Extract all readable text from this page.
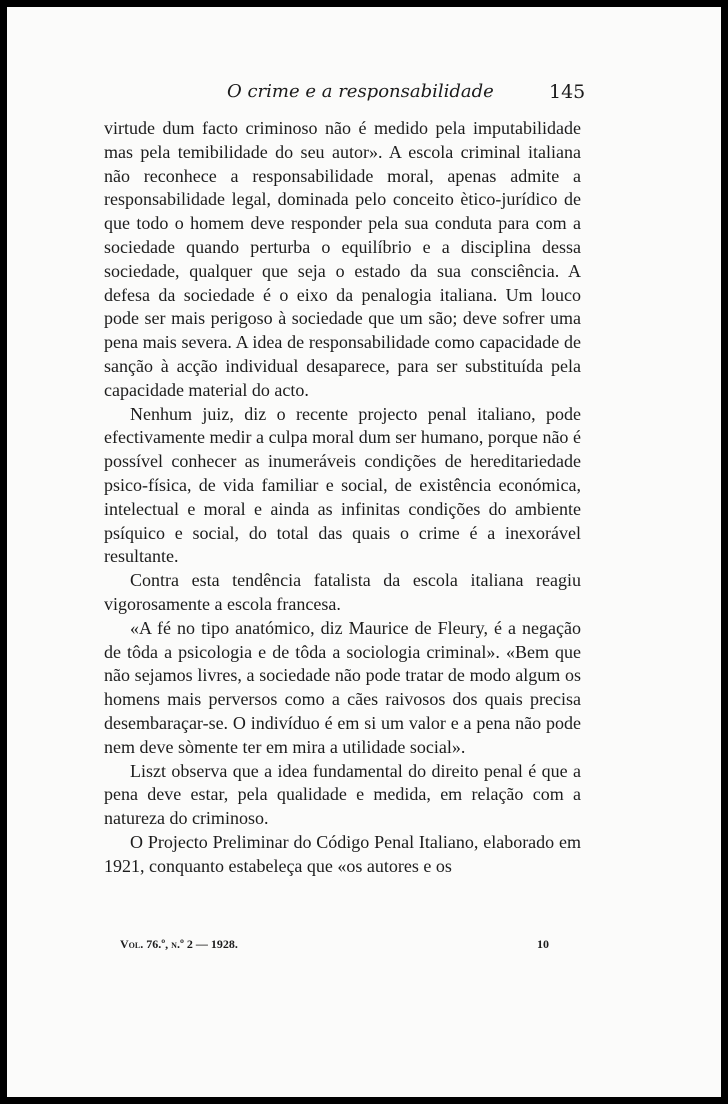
O crime e a responsabilidade	145

virtude dum facto criminoso não é medido pela imputabilidade mas pela temibilidade do seu autor». A escola criminal italiana não reconhece a responsabilidade moral, apenas admite a responsabilidade legal, dominada pelo conceito ètico-jurídico de que todo o homem deve responder pela sua conduta para com a sociedade quando perturba o equilíbrio e a disciplina dessa sociedade, qualquer que seja o estado da sua consciência. A defesa da sociedade é o eixo da penalogia italiana. Um louco pode ser mais perigoso à sociedade que um são; deve sofrer uma pena mais severa. A idea de responsabilidade como capacidade de sanção à acção individual desaparece, para ser substituída pela capacidade material do acto.

Nenhum juiz, diz o recente projecto penal italiano, pode efectivamente medir a culpa moral dum ser humano, porque não é possível conhecer as inumeráveis condições de hereditariedade psico-física, de vida familiar e social, de existência económica, intelectual e moral e ainda as infinitas condições do ambiente psíquico e social, do total das quais o crime é a inexorável resultante.

Contra esta tendência fatalista da escola italiana reagiu vigorosamente a escola francesa.

«A fé no tipo anatómico, diz Maurice de Fleury, é a negação de tôda a psicologia e de tôda a sociologia criminal». «Bem que não sejamos livres, a sociedade não pode tratar de modo algum os homens mais perversos como a cães raivosos dos quais precisa desembaraçar-se. O indivíduo é em si um valor e a pena não pode nem deve sòmente ter em mira a utilidade social».

Liszt observa que a idea fundamental do direito penal é que a pena deve estar, pela qualidade e medida, em relação com a natureza do criminoso.

O Projecto Preliminar do Código Penal Italiano, elaborado em 1921, conquanto estabeleça que «os autores e os

Vol. 76.º, n.º 2 — 1928.	10
